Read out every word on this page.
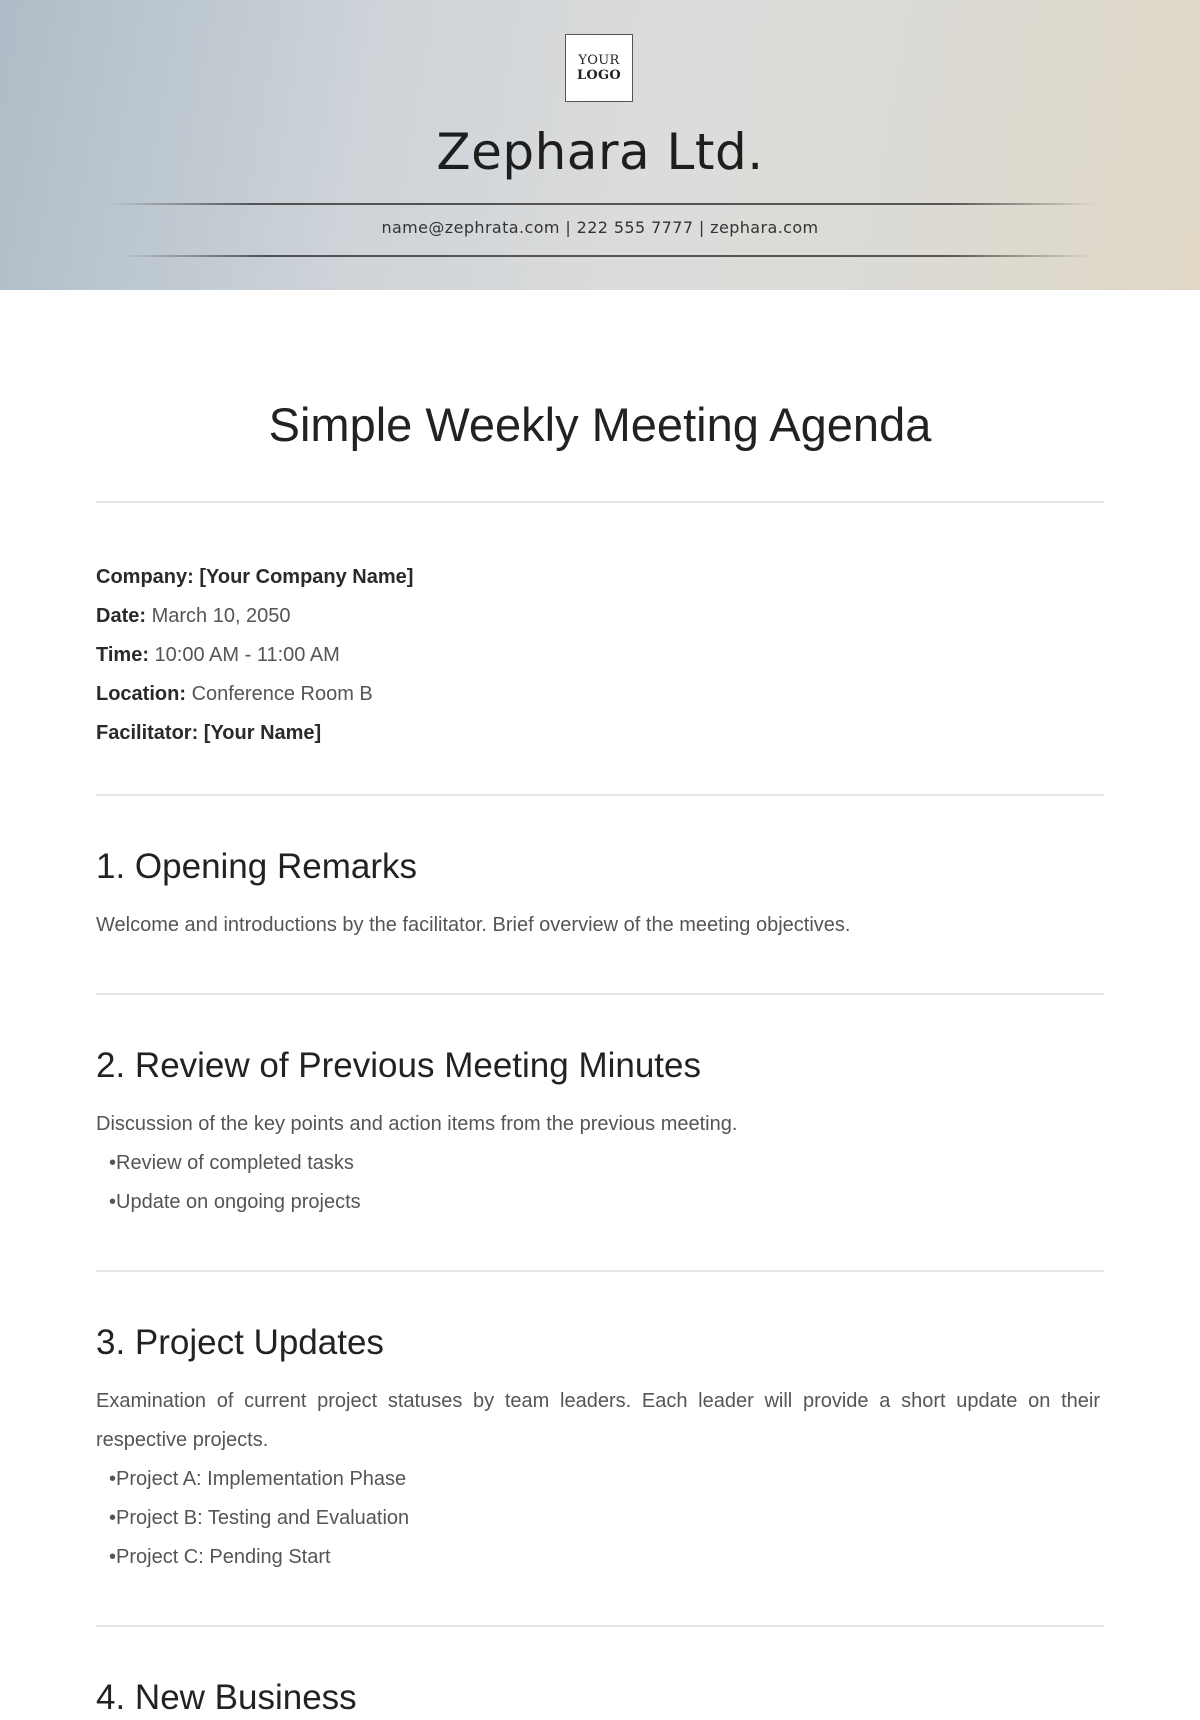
YOUR
LOGO
Zephara Ltd.
name@zephrata.com | 222 555 7777 | zephara.com
Simple Weekly Meeting Agenda
Company: [Your Company Name]
Date: March 10, 2050
Time: 10:00 AM - 11:00 AM
Location: Conference Room B
Facilitator: [Your Name]
1. Opening Remarks
Welcome and introductions by the facilitator. Brief overview of the meeting objectives.
2. Review of Previous Meeting Minutes
Discussion of the key points and action items from the previous meeting.
•Review of completed tasks
•Update on ongoing projects
3. Project Updates
Examination of current project statuses by team leaders. Each leader will provide a short update on their respective projects.
•Project A: Implementation Phase
•Project B: Testing and Evaluation
•Project C: Pending Start
4. New Business
